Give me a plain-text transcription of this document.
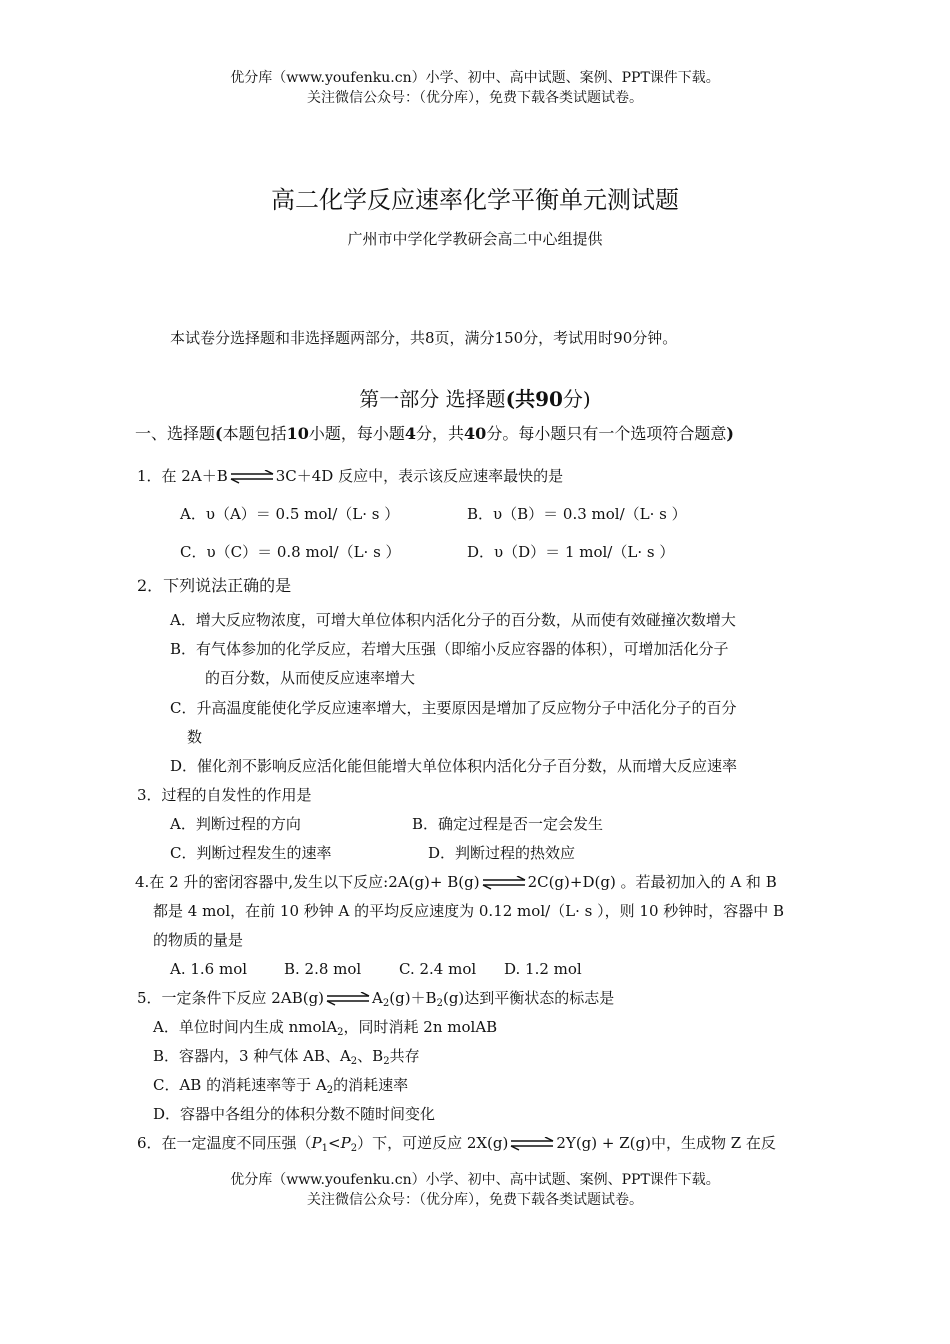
优分库（www.youfenku.cn）小学、初中、高中试题、案例、PPT课件下载。
关注微信公众号：（优分库），免费下载各类试题试卷。
高二化学反应速率化学平衡单元测试题
广州市中学化学教研会高二中心组提供
本试卷分选择题和非选择题两部分，共8页，满分150分，考试用时90分钟。
第一部分 选择题(共90分)
一、选择题(本题包括10小题，每小题4分，共40分。每小题只有一个选项符合题意)
1．在 2A＋B⇌3C＋4D 反应中，表示该反应速率最快的是
A．υ（A）＝ 0.5 mol/（L· s ）	B．υ（B）＝ 0.3 mol/（L· s ）
C．υ（C）＝ 0.8 mol/（L· s ）	D．υ（D）＝ 1 mol/（L· s ）
2．下列说法正确的是
A．增大反应物浓度，可增大单位体积内活化分子的百分数，从而使有效碰撞次数增大
B．有气体参加的化学反应，若增大压强（即缩小反应容器的体积），可增加活化分子
的百分数，从而使反应速率增大
C．升高温度能使化学反应速率增大，主要原因是增加了反应物分子中活化分子的百分
数
D．催化剂不影响反应活化能但能增大单位体积内活化分子百分数，从而增大反应速率
3．过程的自发性的作用是
A．判断过程的方向	B．确定过程是否一定会发生
C．判断过程发生的速率	D．判断过程的热效应
4.在 2 升的密闭容器中,发生以下反应:2A(g)+ B(g)⇌2C(g)+D(g) 。若最初加入的 A 和 B
都是 4 mol，在前 10 秒钟 A 的平均反应速度为 0.12 mol/（L· s ），则 10 秒钟时，容器中 B
的物质的量是
A. 1.6 mol B. 2.8 mol	C. 2.4 mol D. 1.2 mol
5．一定条件下反应 $2AB(g)\rightleftharpoons A_2(g)+B_2(g)$达到平衡状态的标志是
A．单位时间内生成 nmolA$_2$，同时消耗 2n molAB
B．容器内，3 种气体 AB、$A_2$、$B_2$共存
C．AB 的消耗速率等于 $A_2$的消耗速率
D．容器中各组分的体积分数不随时间变化
6．在一定温度不同压强$(P_1<P_2)$下，可逆反应 2X(g)⇌2Y(g) + Z(g)中，生成物 Z 在反
优分库（www.youfenku.cn）小学、初中、高中试题、案例、PPT课件下载。
关注微信公众号：（优分库），免费下载各类试题试卷。
